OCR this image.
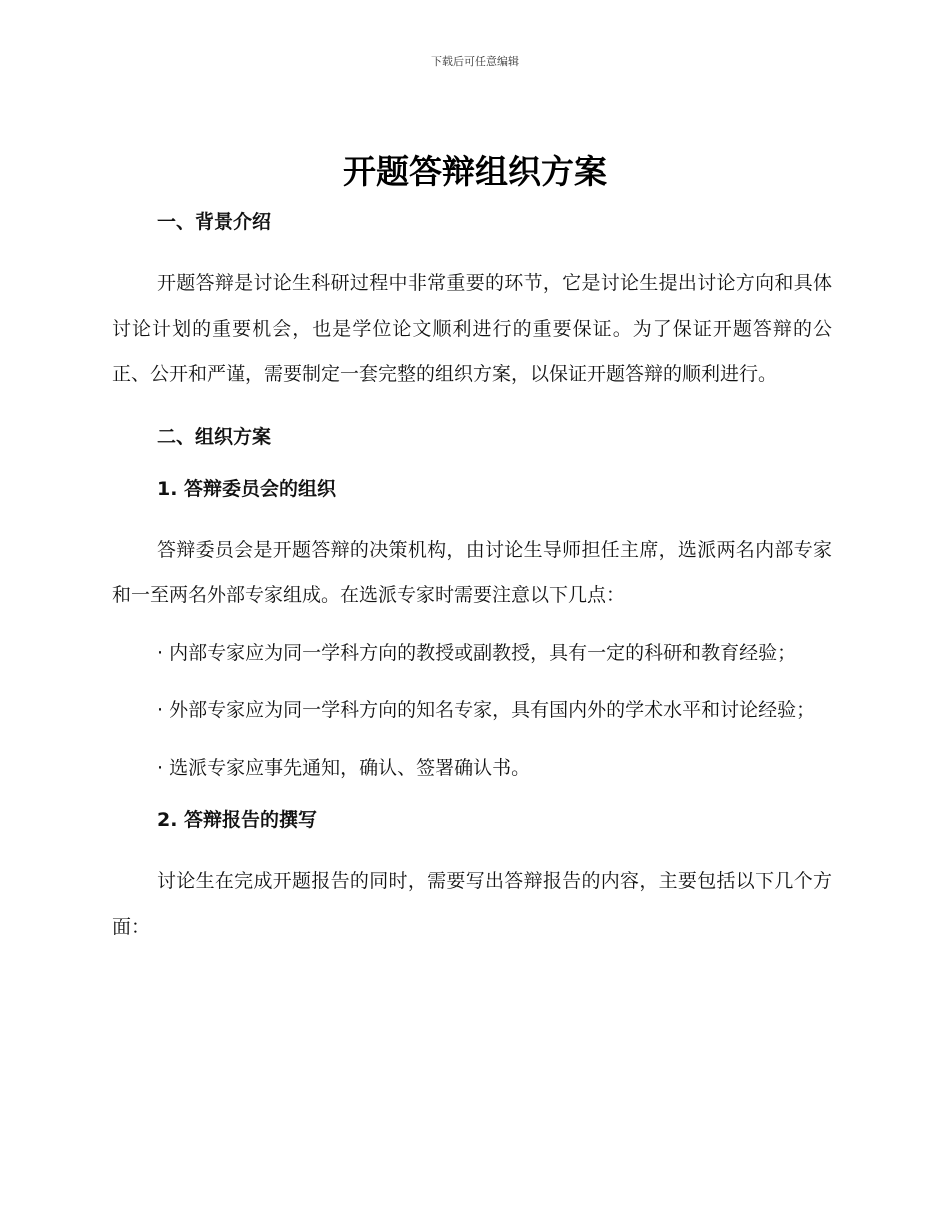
下载后可任意编辑
开题答辩组织方案
一、背景介绍

开题答辩是讨论生科研过程中非常重要的环节，它是讨论生提出讨论方向和具体讨论计划的重要机会，也是学位论文顺利进行的重要保证。为了保证开题答辩的公正、公开和严谨，需要制定一套完整的组织方案，以保证开题答辩的顺利进行。

二、组织方案
1. 答辩委员会的组织

答辩委员会是开题答辩的决策机构，由讨论生导师担任主席，选派两名内部专家和一至两名外部专家组成。在选派专家时需要注意以下几点：

· 内部专家应为同一学科方向的教授或副教授，具有一定的科研和教育经验；

· 外部专家应为同一学科方向的知名专家，具有国内外的学术水平和讨论经验；

· 选派专家应事先通知，确认、签署确认书。

2. 答辩报告的撰写

讨论生在完成开题报告的同时，需要写出答辩报告的内容，主要包括以下几个方面：
